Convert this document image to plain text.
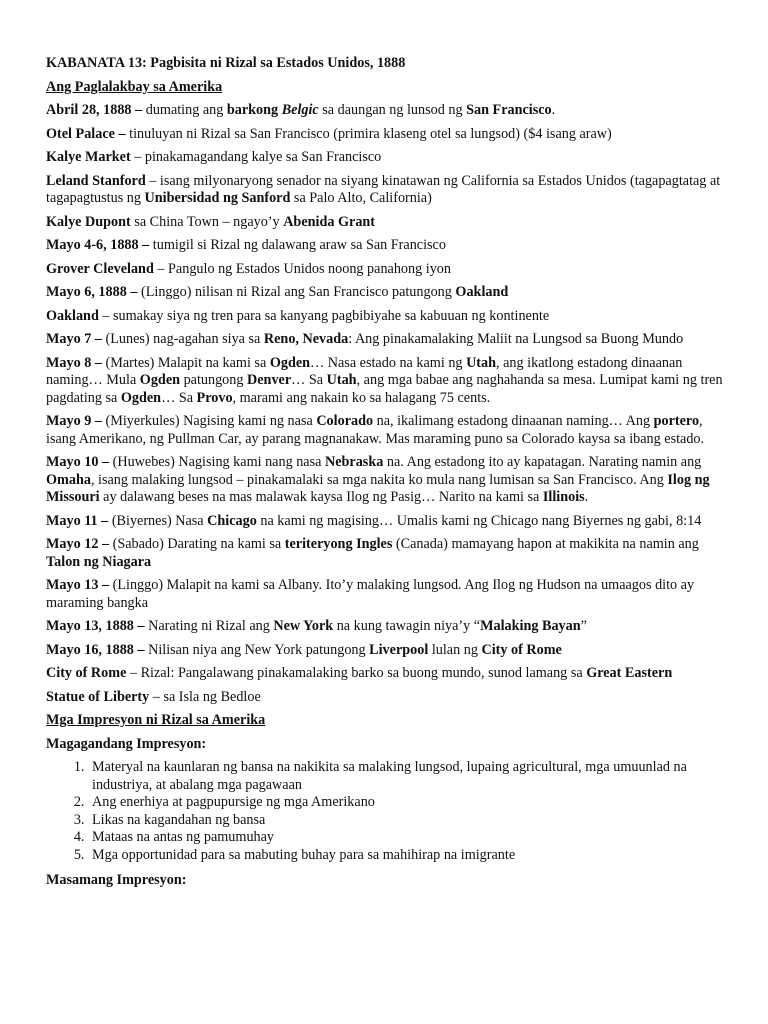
KABANATA 13: Pagbisita ni Rizal sa Estados Unidos, 1888
Ang Paglalakbay sa Amerika
Abril 28, 1888 – dumating ang barkong Belgic sa daungan ng lunsod ng San Francisco.
Otel Palace – tinuluyan ni Rizal sa San Francisco (primira klaseng otel sa lungsod) ($4 isang araw)
Kalye Market – pinakamagandang kalye sa San Francisco
Leland Stanford – isang milyonaryong senador na siyang kinatawan ng California sa Estados Unidos (tagapagtatag at tagapagtustus ng Unibersidad ng Sanford sa Palo Alto, California)
Kalye Dupont sa China Town – ngayo’y Abenida Grant
Mayo 4-6, 1888 – tumigil si Rizal ng dalawang araw sa San Francisco
Grover Cleveland – Pangulo ng Estados Unidos noong panahong iyon
Mayo 6, 1888 – (Linggo) nilisan ni Rizal ang San Francisco patungong Oakland
Oakland – sumakay siya ng tren para sa kanyang pagbibiyahe sa kabuuan ng kontinente
Mayo 7 – (Lunes) nag-agahan siya sa Reno, Nevada: Ang pinakamalaking Maliit na Lungsod sa Buong Mundo
Mayo 8 – (Martes) Malapit na kami sa Ogden… Nasa estado na kami ng Utah, ang ikatlong estadong dinaanan naming… Mula Ogden patungong Denver… Sa Utah, ang mga babae ang naghahanda sa mesa. Lumipat kami ng tren pagdating sa Ogden… Sa Provo, marami ang nakain ko sa halagang 75 cents.
Mayo 9 – (Miyerkules) Nagising kami ng nasa Colorado na, ikalimang estadong dinaanan naming… Ang portero, isang Amerikano, ng Pullman Car, ay parang magnanakaw. Mas maraming puno sa Colorado kaysa sa ibang estado.
Mayo 10 – (Huwebes) Nagising kami nang nasa Nebraska na. Ang estadong ito ay kapatagan. Narating namin ang Omaha, isang malaking lungsod – pinakamalaki sa mga nakita ko mula nang lumisan sa San Francisco. Ang Ilog ng Missouri ay dalawang beses na mas malawak kaysa Ilog ng Pasig… Narito na kami sa Illinois.
Mayo 11 – (Biyernes) Nasa Chicago na kami ng magising… Umalis kami ng Chicago nang Biyernes ng gabi, 8:14
Mayo 12 – (Sabado) Darating na kami sa teriteryong Ingles (Canada) mamayang hapon at makikita na namin ang Talon ng Niagara
Mayo 13 – (Linggo) Malapit na kami sa Albany. Ito’y malaking lungsod. Ang Ilog ng Hudson na umaagos dito ay maraming bangka
Mayo 13, 1888 – Narating ni Rizal ang New York na kung tawagin niya’y “Malaking Bayan”
Mayo 16, 1888 – Nilisan niya ang New York patungong Liverpool lulan ng City of Rome
City of Rome – Rizal: Pangalawang pinakamalaking barko sa buong mundo, sunod lamang sa Great Eastern
Statue of Liberty – sa Isla ng Bedloe
Mga Impresyon ni Rizal sa Amerika
Magagandang Impresyon:
1. Materyal na kaunlaran ng bansa na nakikita sa malaking lungsod, lupaing agricultural, mga umuunlad na industriya, at abalang mga pagawaan
2. Ang enerhiya at pagpupursige ng mga Amerikano
3. Likas na kagandahan ng bansa
4. Mataas na antas ng pamumuhay
5. Mga opportunidad para sa mabuting buhay para sa mahihirap na imigrante
Masamang Impresyon:
